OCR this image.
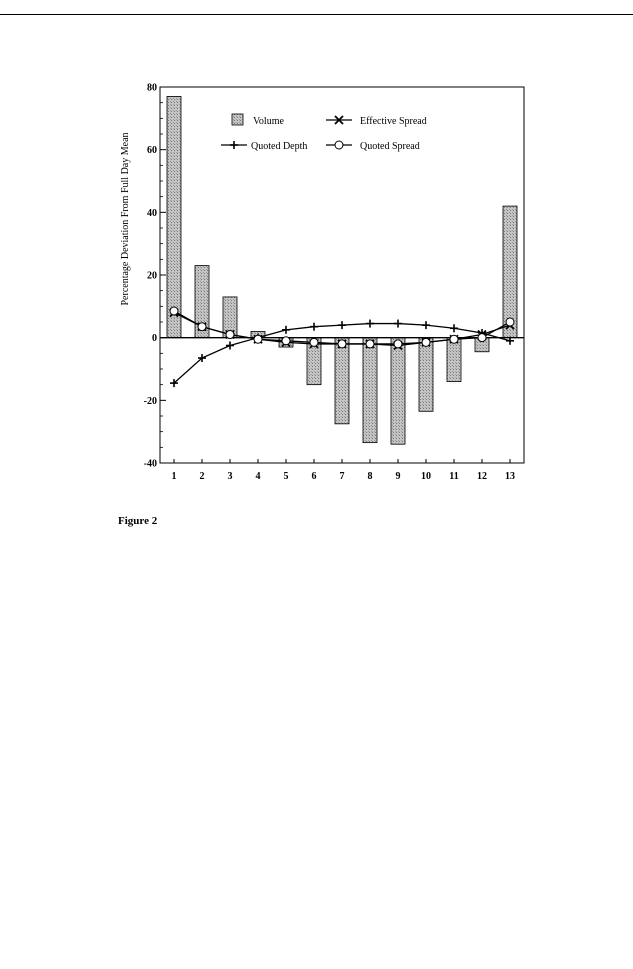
-40
-20
0
20
40
60
80
1 2 3 4 5 6 7 8 9 10 11 12 13
Percentage Deviation From Full Day Mean
Volume	Effective Spread
Quoted Depth	Quoted Spread
Figure 2
